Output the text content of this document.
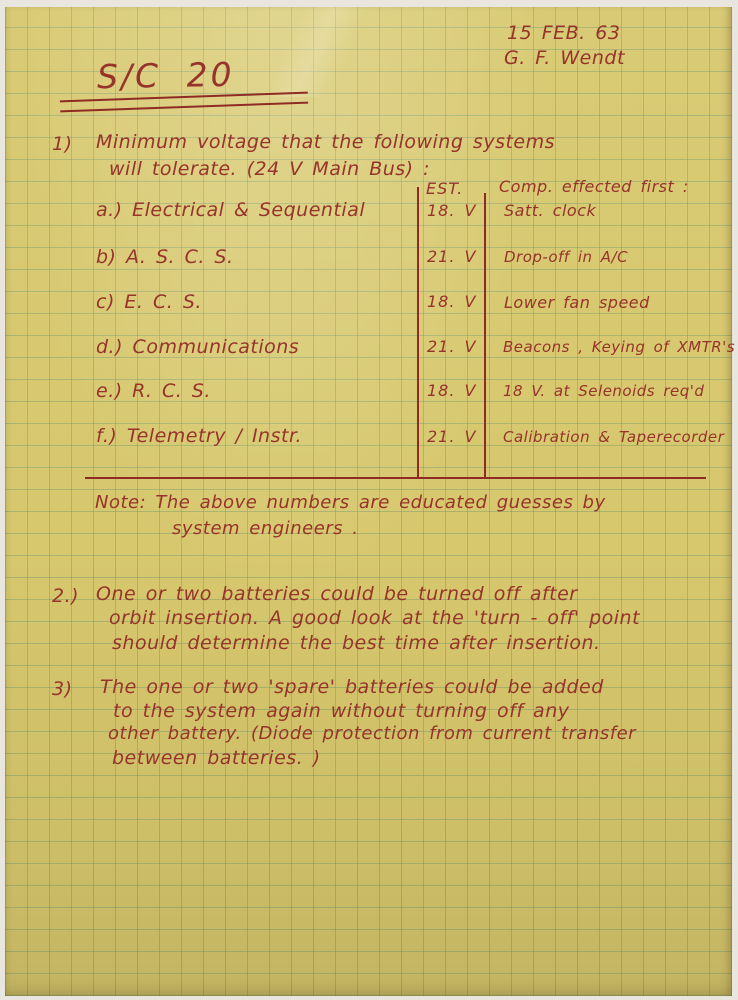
15 FEB. 63
G. F. Wendt
S/C 20
1) Minimum voltage that the following systems
will tolerate. (24 V Main Bus) :
EST. Comp. effected first :
a.) Electrical & Sequential	18. V Satt. clock
b) A. S. C. S.	21. V Drop-off in A/C
c) E. C. S.	18. V Lower fan speed
d.) Communications	21. V Beacons , Keying of XMTR's
e.) R. C. S.	18. V 18 V. at Selenoids req'd
f.) Telemetry / Instr.	21. V Calibration & Taperecorder
Note: The above numbers are educated guesses by
system engineers .
2.) One or two batteries could be turned off after
orbit insertion. A good look at the 'turn - off' point
should determine the best time after insertion.
3) The one or two 'spare' batteries could be added
to the system again without turning off any
other battery. (Diode protection from current transfer
between batteries. )
